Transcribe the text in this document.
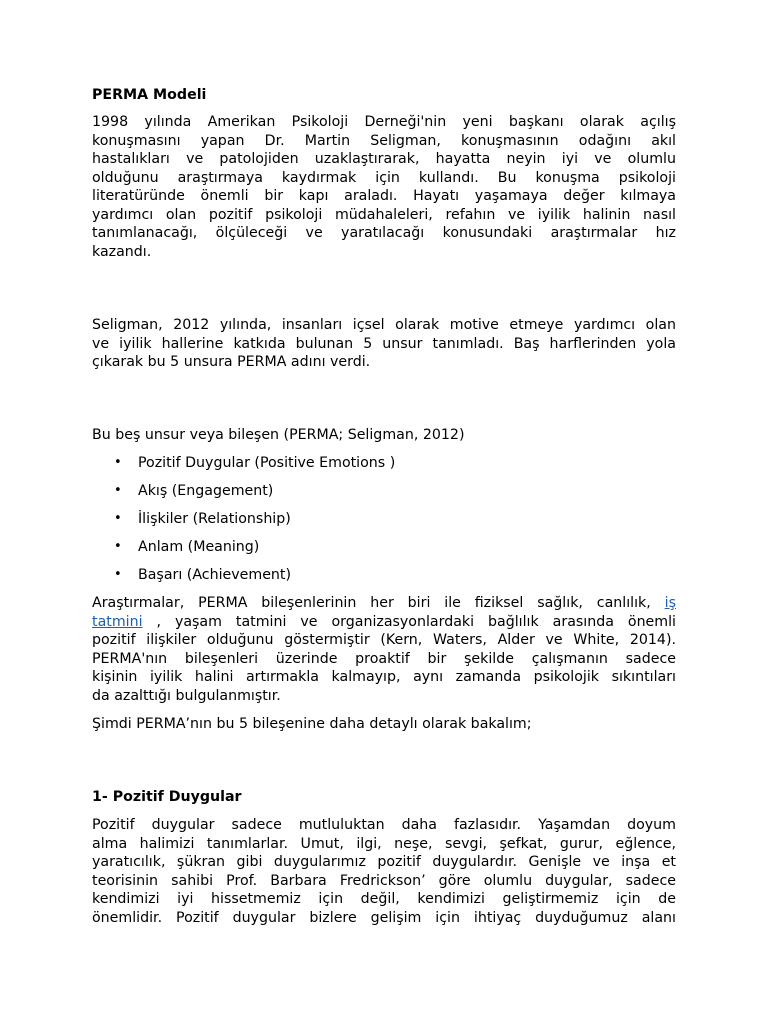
PERMA Modeli
1998 yılında Amerikan Psikoloji Derneği'nin yeni başkanı olarak açılış
konuşmasını yapan Dr. Martin Seligman, konuşmasının odağını akıl
hastalıkları ve patolojiden uzaklaştırarak, hayatta neyin iyi ve olumlu
olduğunu araştırmaya kaydırmak için kullandı. Bu konuşma psikoloji
literatüründe önemli bir kapı araladı. Hayatı yaşamaya değer kılmaya
yardımcı olan pozitif psikoloji müdahaleleri, refahın ve iyilik halinin nasıl
tanımlanacağı, ölçüleceği ve yaratılacağı konusundaki araştırmalar hız
kazandı.
Seligman, 2012 yılında, insanları içsel olarak motive etmeye yardımcı olan
ve iyilik hallerine katkıda bulunan 5 unsur tanımladı. Baş harflerinden yola
çıkarak bu 5 unsura PERMA adını verdi.
Bu beş unsur veya bileşen (PERMA; Seligman, 2012)
•	Pozitif Duygular (Positive Emotions )
•	Akış (Engagement)
•	İlişkiler (Relationship)
•	Anlam (Meaning)
•	Başarı (Achievement)
Araştırmalar, PERMA bileşenlerinin her biri ile fiziksel sağlık, canlılık, iş
tatmini , yaşam tatmini ve organizasyonlardaki bağlılık arasında önemli
pozitif ilişkiler olduğunu göstermiştir (Kern, Waters, Alder ve White, 2014).
PERMA'nın bileşenleri üzerinde proaktif bir şekilde çalışmanın sadece
kişinin iyilik halini artırmakla kalmayıp, aynı zamanda psikolojik sıkıntıları
da azalttığı bulgulanmıştır.
Şimdi PERMA’nın bu 5 bileşenine daha detaylı olarak bakalım;
1- Pozitif Duygular
Pozitif duygular sadece mutluluktan daha fazlasıdır. Yaşamdan doyum
alma halimizi tanımlarlar. Umut, ilgi, neşe, sevgi, şefkat, gurur, eğlence,
yaratıcılık, şükran gibi duygularımız pozitif duygulardır. Genişle ve inşa et
teorisinin sahibi Prof. Barbara Fredrickson’ göre olumlu duygular, sadece
kendimizi iyi hissetmemiz için değil, kendimizi geliştirmemiz için de
önemlidir. Pozitif duygular bizlere gelişim için ihtiyaç duyduğumuz alanı
